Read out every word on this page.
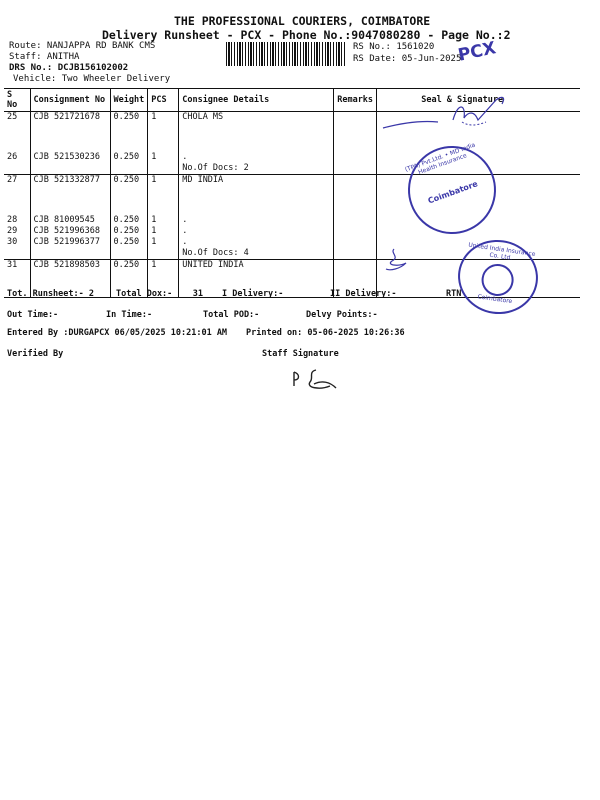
THE PROFESSIONAL COURIERS, COIMBATORE
Delivery Runsheet - PCX - Phone No.:9047080280 - Page No.:2
Route: NANJAPPA RD BANK CMS
Staff: ANITHA
DRS No.: DCJB156102002
Vehicle: Two Wheeler Delivery
RS No.: 1561020
RS Date: 05-Jun-2025
PCX
S No	Consignment No	Weight	PCS	Consignee Details	Remarks	Seal & Signature
25	CJB 521721678	0.250	1	CHOLA MS		
26	CJB 521530236	0.250	1	.		
				No.Of Docs: 2		
27	CJB 521332877	0.250	1	MD INDIA		
28	CJB 81009545	0.250	1	.		
29	CJB 521996368	0.250	1	.		
30	CJB 521996377	0.250	1	.		
				No.Of Docs: 4		
31	CJB 521898503	0.250	1	UNITED INDIA		

(TPA) Pvt.Ltd. • MD India Health Insurance
Coimbatore
United India Insurance Co. Ltd.
Coimbatore
Tot. Runsheet:- 2	Total Dox:-    31 I Delivery:-	II Delivery:-	RTN
Out Time:-	In Time:-	Total POD:-	Delvy Points:-
Entered By :DURGAPCX 06/05/2025 10:21:01 AM Printed on: 05-06-2025 10:26:36
Verified By	Staff Signature
